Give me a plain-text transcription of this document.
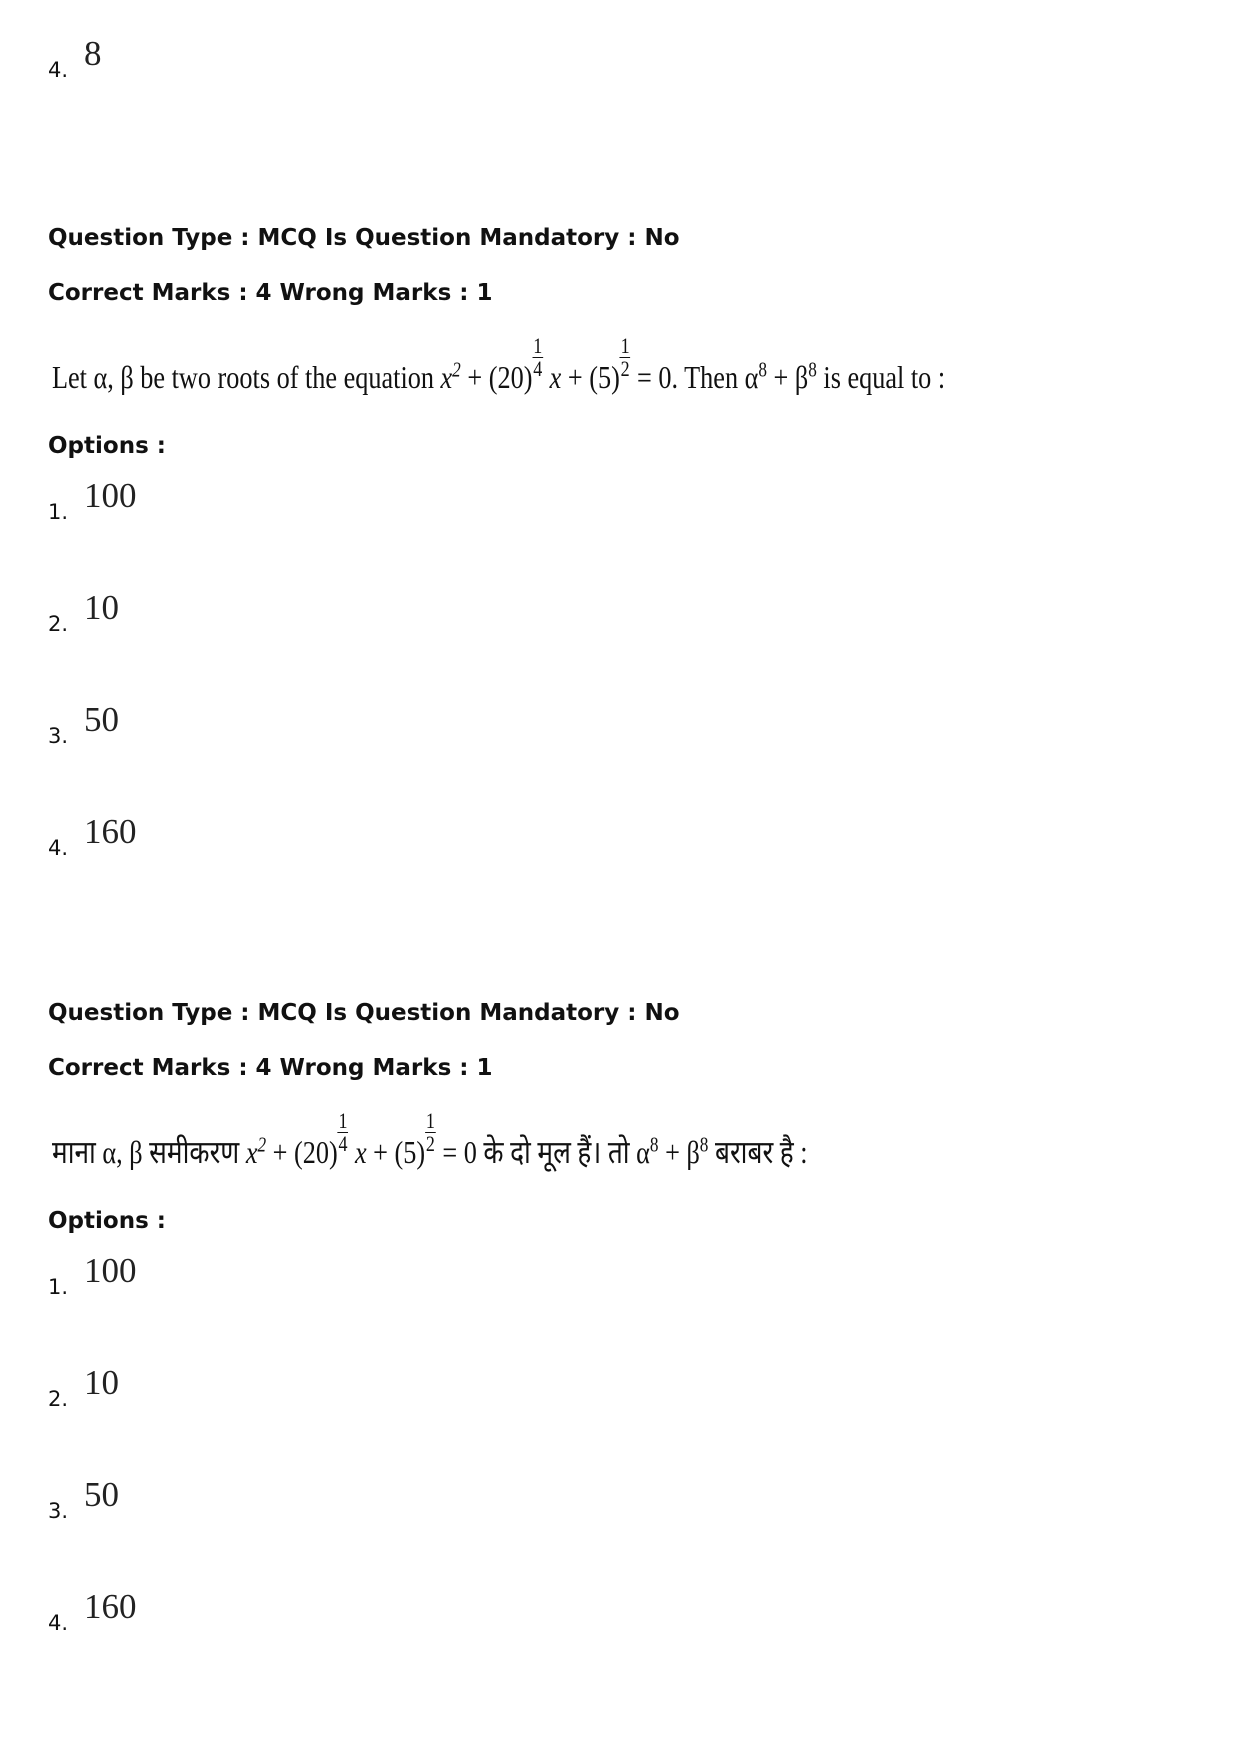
4. 8
Question Type : MCQ Is Question Mandatory : No
Correct Marks : 4 Wrong Marks : 1
Let α, β be two roots of the equation $x^2 + (20) \frac{1}{4}$ $x + (5) \frac{1}{2} = 0$. Then $\alpha^8 + \beta^8$ is equal to :
Options :
1. 100
2. 10
3. 50
4. 160
Question Type : MCQ Is Question Mandatory : No
Correct Marks : 4 Wrong Marks : 1
माना α, β समीकरण $x^2 + (20) \frac{1}{4}$ $x + (5) \frac{1}{2} = 0$ के दो मूल हैं। तो $\alpha^8 + \beta^8$ बराबर है :
Options :
1. 100
2. 10
3. 50
4. 160
